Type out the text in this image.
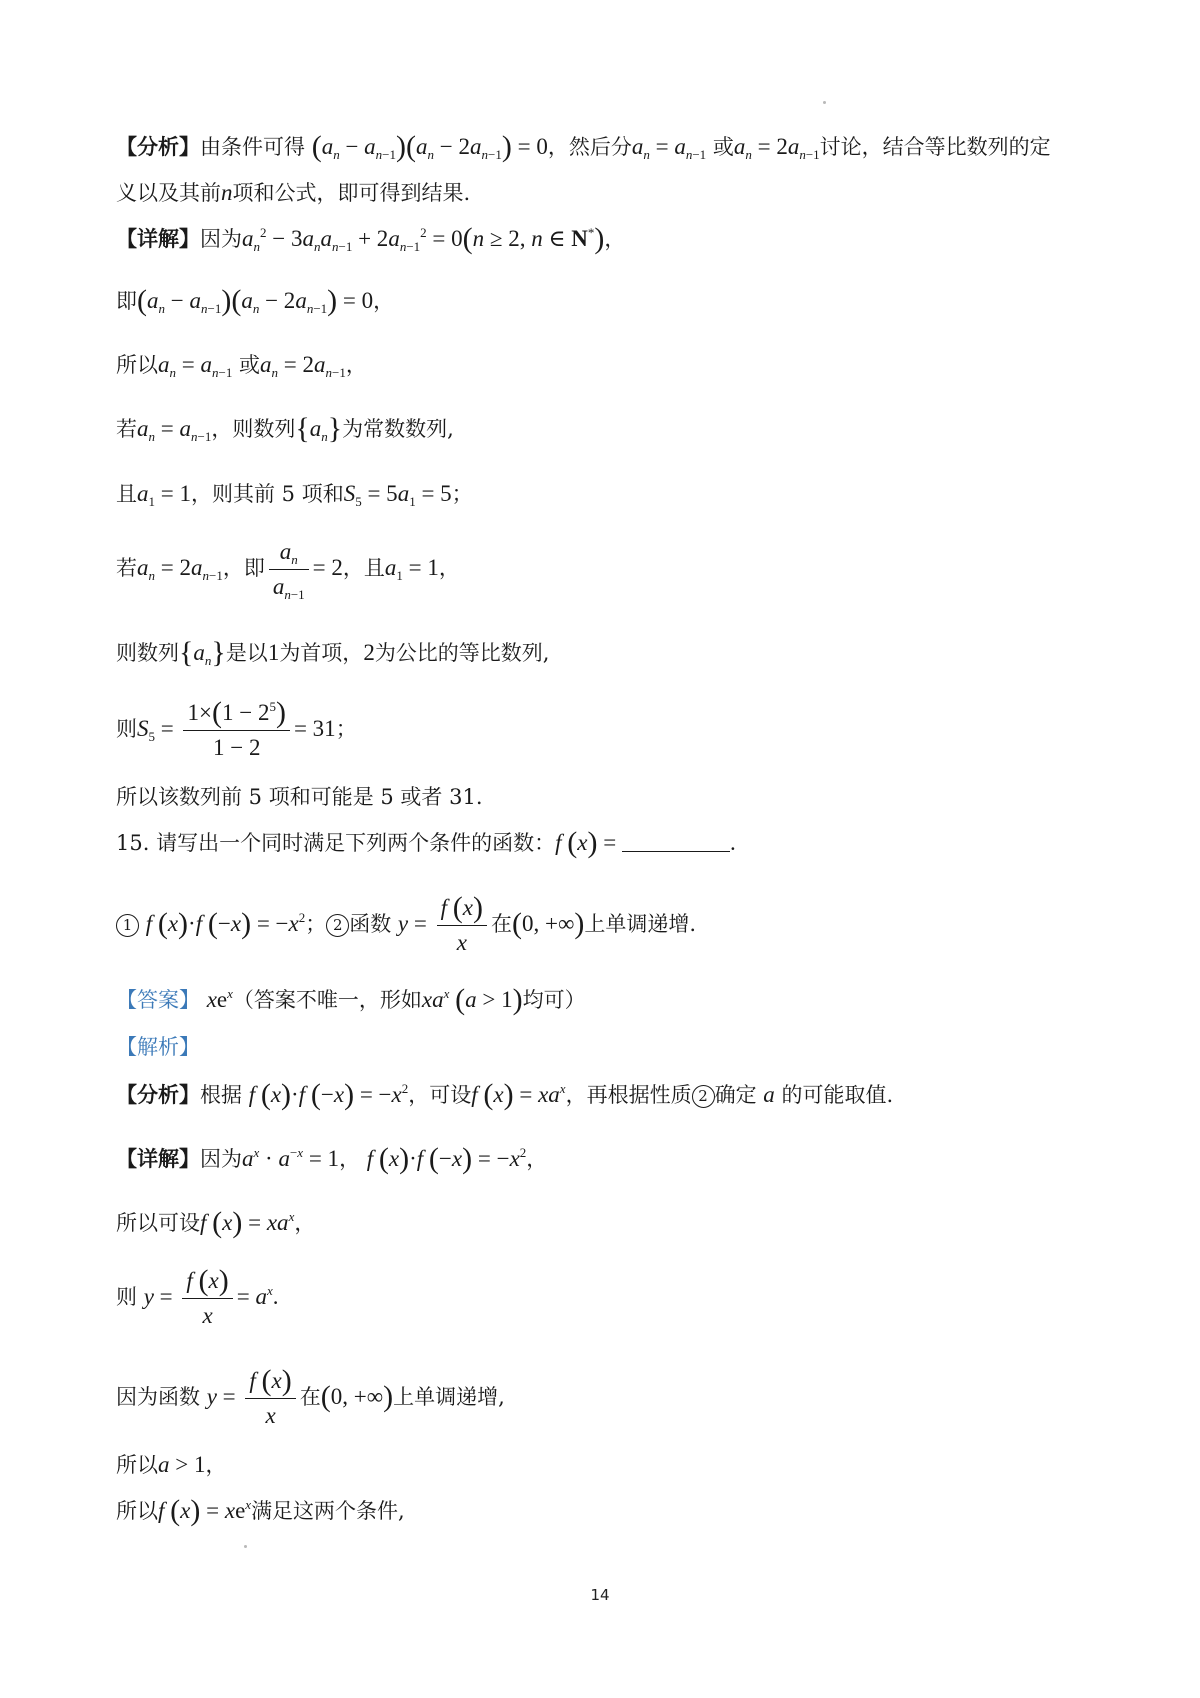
【分析】由条件可得 $(a_n - a_{n-1})(a_n - 2a_{n-1}) = 0$，然后分$a_n = a_{n-1}$ 或$a_n = 2a_{n-1}$讨论，结合等比数列的定
义以及其前n项和公式，即可得到结果.
【详解】因为$a_n^2 - 3a_na_{n-1} + 2a_{n-1}^2 = 0(n \ge 2$, n ∈ N*)，
即$(a_n - a_{n-1})(a_n - 2a_{n-1}) = 0$，
所以$a_n = a_{n-1}$ 或$a_n = 2a_{n-1}$，
若$a_n = a_{n-1}$，则数列$\{a_n\}$为常数数列,
且$a_1 = 1$，则其前 5 项和$S_5 = 5a_1 = 5$；
若$a_n = 2a_{n-1}$，即 $\frac{a_n}{a_{n-1}} = 2$，且$a_1 = 1$，
则数列$\{a_n\}$是以1为首项，2为公比的等比数列,
则$S_5 = \frac{1\times(1 - 2^5)}{1 - 2} = 31$；
所以该数列前 5 项和可能是 5 或者 31.
15. 请写出一个同时满足下列两个条件的函数：f (x) =	.
1 f (x)·f $(-x) = -x^2$； 2 函数 $y = \frac{f (x)}{x}$ 在(0, +∞)上单调递增.
【答案】 $xe^x$（答案不唯一，形如$xa^x$ (a > 1)均可）
【解析】
【分析】根据 f (x)·f $(-x) = -x^2$，可设f $(x) = xa^x$，再根据性质 2 确定 a 的可能取值.
【详解】因为$a^x \cdot a^{-x} = 1$， f (x)·f $(-x) = -x^2$，
所以可设f $(x) = xa^x$，
则 $y = \frac{f (x)}{x} = a^x$.
因为函数 $y = \frac{f (x)}{x}$ 在(0, +∞)上单调递增,
所以a > 1，
所以f $(x) = xe^x$满足这两个条件,
14
